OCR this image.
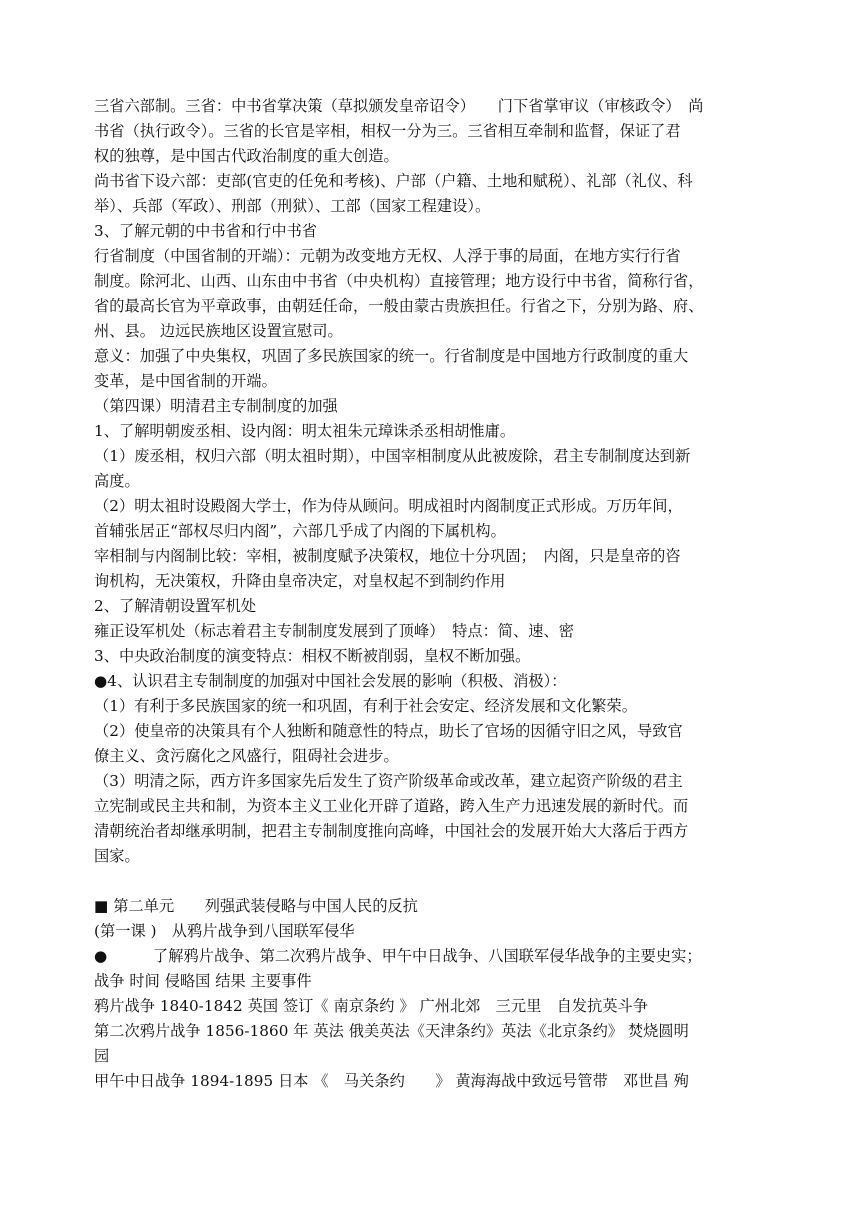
三省六部制。三省：中书省掌决策（草拟颁发皇帝诏令）　　门下省掌审议（审核政令）　尚
书省（执行政令）。三省的长官是宰相，相权一分为三。三省相互牵制和监督，保证了君
权的独尊，是中国古代政治制度的重大创造。
尚书省下设六部：吏部(官吏的任免和考核)、户部（户籍、土地和赋税）、礼部（礼仪、科
举）、兵部（军政）、刑部（刑狱）、工部（国家工程建设）。
3、了解元朝的中书省和行中书省
行省制度（中国省制的开端）：元朝为改变地方无权、人浮于事的局面，在地方实行行省
制度。除河北、山西、山东由中书省（中央机构）直接管理；地方设行中书省，简称行省，
省的最高长官为平章政事，由朝廷任命，一般由蒙古贵族担任。行省之下，分别为路、府、
州、县。 边远民族地区设置宣慰司。
意义：加强了中央集权，巩固了多民族国家的统一。行省制度是中国地方行政制度的重大
变革，是中国省制的开端。
（第四课）明清君主专制制度的加强
1、了解明朝废丞相、设内阁：明太祖朱元璋诛杀丞相胡惟庸。
（1）废丞相，权归六部（明太祖时期），中国宰相制度从此被废除，君主专制制度达到新
高度。
（2）明太祖时设殿阁大学士，作为侍从顾问。明成祖时内阁制度正式形成。万历年间，
首辅张居正“部权尽归内阁”，六部几乎成了内阁的下属机构。
宰相制与内阁制比较：宰相，被制度赋予决策权，地位十分巩固；　内阁，只是皇帝的咨
询机构，无决策权，升降由皇帝决定，对皇权起不到制约作用
2、了解清朝设置军机处
雍正设军机处（标志着君主专制制度发展到了顶峰）　特点：简、速、密
3、中央政治制度的演变特点：相权不断被削弱，皇权不断加强。
●4、认识君主专制制度的加强对中国社会发展的影响（积极、消极）：
（1）有利于多民族国家的统一和巩固，有利于社会安定、经济发展和文化繁荣。
（2）使皇帝的决策具有个人独断和随意性的特点，助长了官场的因循守旧之风，导致官
僚主义、贪污腐化之风盛行，阻碍社会进步。
（3）明清之际，西方许多国家先后发生了资产阶级革命或改革，建立起资产阶级的君主
立宪制或民主共和制，为资本主义工业化开辟了道路，跨入生产力迅速发展的新时代。而
清朝统治者却继承明制，把君主专制制度推向高峰，中国社会的发展开始大大落后于西方
国家。
■ 第二单元　　列强武装侵略与中国人民的反抗
(第一课 )　从鸦片战争到八国联军侵华
●　　　了解鸦片战争、第二次鸦片战争、甲午中日战争、八国联军侵华战争的主要史实；
战争 时间 侵略国 结果 主要事件
鸦片战争 1840-1842 英国 签订《 南京条约 》 广州北郊　三元里　自发抗英斗争
第二次鸦片战争 1856-1860 年 英法 俄美英法《天津条约》英法《北京条约》 焚烧圆明
园
甲午中日战争 1894-1895 日本 《　马关条约　　》 黄海海战中致远号管带　邓世昌 殉
